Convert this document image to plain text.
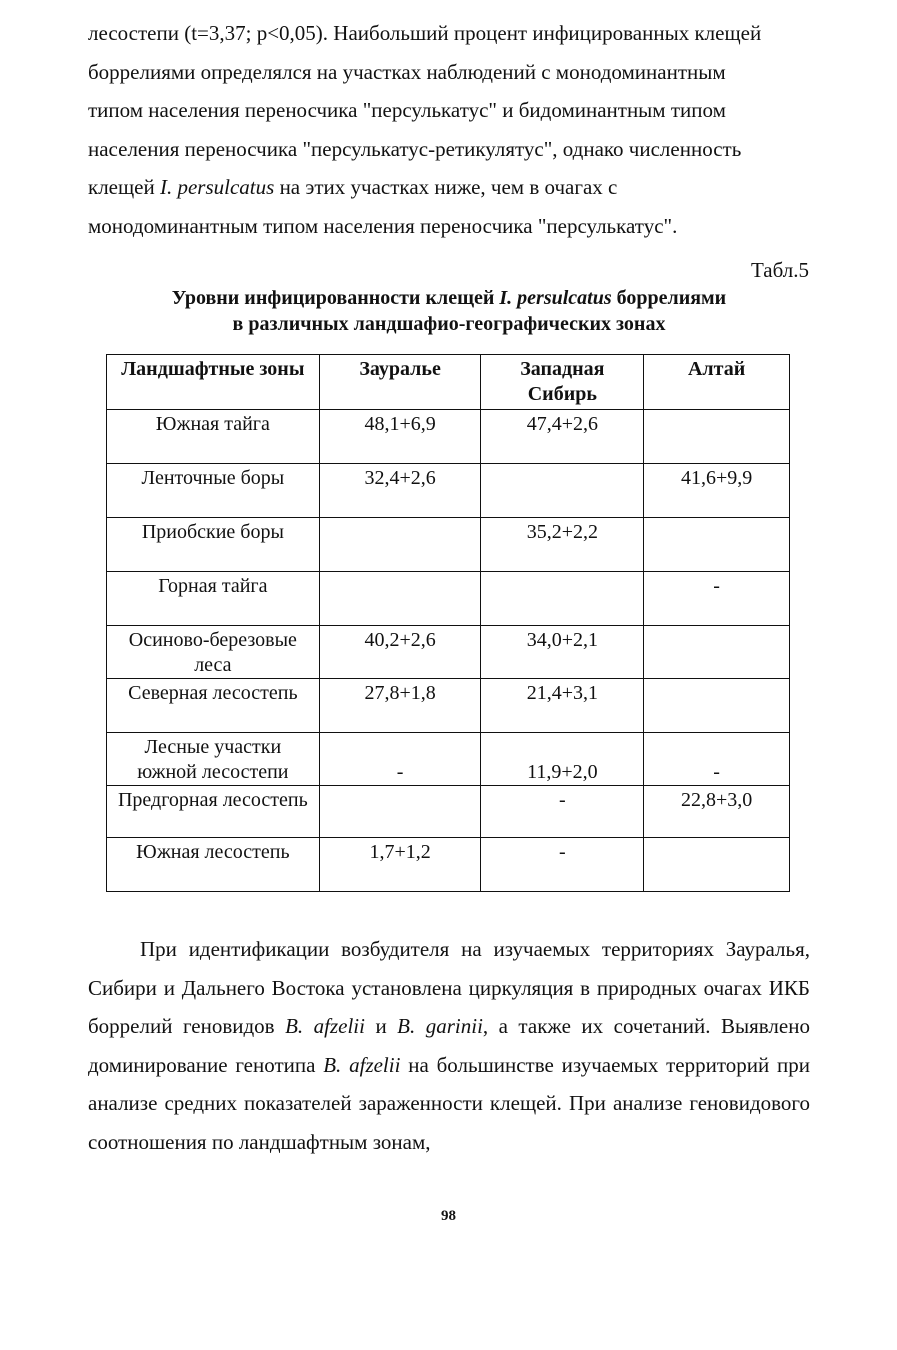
лесостепи (t=3,37; p<0,05). Наибольший процент инфицированных клещей

боррелиями определялся на участках наблюдений с монодоминантным

типом населения переносчика "персулькатус" и бидоминантным типом

населения переносчика "персулькатус-ретикулятус", однако численность

клещей I. persulcatus на этих участках ниже, чем в очагах с

монодоминантным типом населения переносчика "персулькатус".

Табл.5
Уровни инфицированности клещей I. persulcatus боррелиями
в различных ландшафио-географических зонах
Ландшафтные зоны	Зауралье	Западная Сибирь	Алтай
Южная тайга	48,1+6,9	47,4+2,6	
Ленточные боры	32,4+2,6		41,6+9,9
Приобские боры		35,2+2,2	
Горная тайга			-
Осиново-березовые леса	40,2+2,6	34,0+2,1	
Северная лесостепь	27,8+1,8	21,4+3,1	
Лесные участки южной лесостепи	-	11,9+2,0	-
Предгорная лесостепь		-	22,8+3,0
Южная лесостепь	1,7+1,2	-	

При идентификации возбудителя на изучаемых территориях Зауралья, Сибири и Дальнего Востока установлена циркуляция в природных очагах ИКБ боррелий геновидов B. afzelii и B. garinii, а также их сочетаний. Выявлено доминирование генотипа B. afzelii на большинстве изучаемых территорий при анализе средних показателей зараженности клещей. При анализе геновидового соотношения по ландшафтным зонам,

98
